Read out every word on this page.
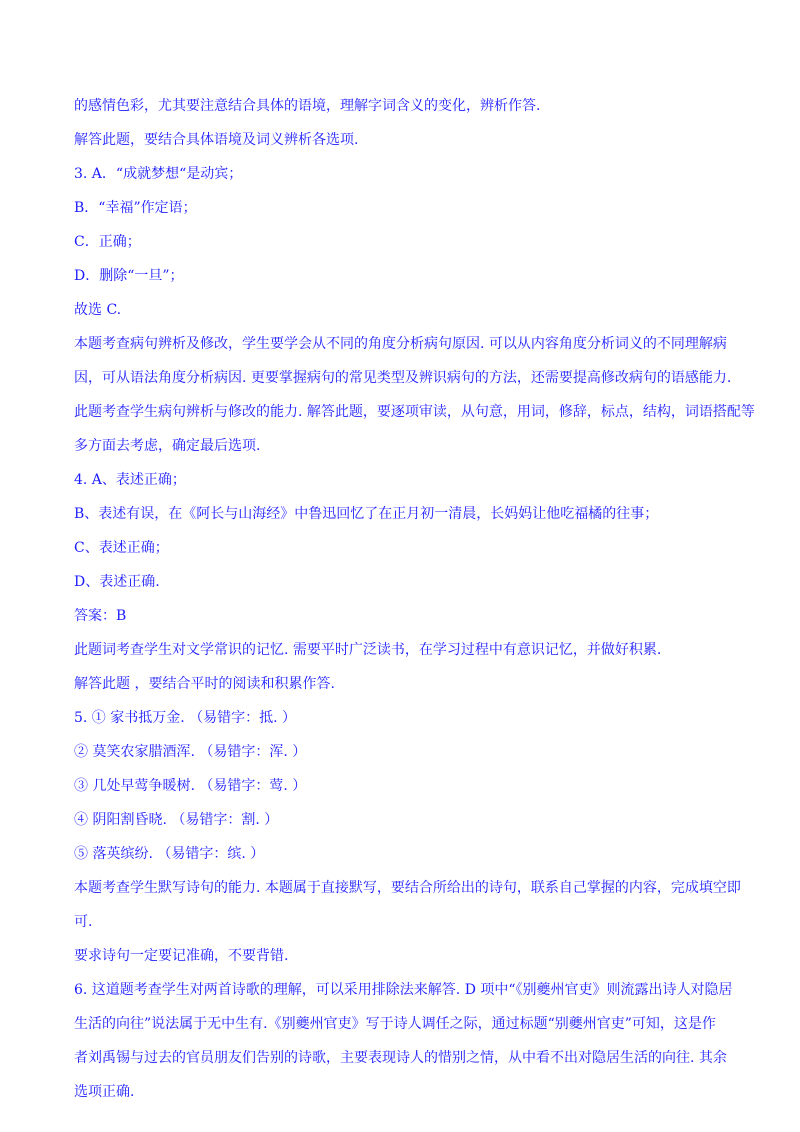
的感情色彩，尤其要注意结合具体的语境，理解字词含义的变化，辨析作答.

解答此题，要结合具体语境及词义辨析各选项.

3. A．“成就梦想“是动宾；

B．“幸福”作定语；

C．正确；

D．删除“一旦”；

故选 C.

本题考查病句辨析及修改，学生要学会从不同的角度分析病句原因. 可以从内容角度分析词义的不同理解病

因，可从语法角度分析病因. 更要掌握病句的常见类型及辨识病句的方法，还需要提高修改病句的语感能力.

此题考查学生病句辨析与修改的能力. 解答此题，要逐项审读，从句意，用词，修辞，标点，结构，词语搭配等

多方面去考虑，确定最后选项.

4. A、表述正确；

B、表述有误，在《阿长与山海经》中鲁迅回忆了在正月初一清晨，长妈妈让他吃福橘的往事；

C、表述正确；

D、表述正确.

答案：B

此题词考查学生对文学常识的记忆. 需要平时广泛读书，在学习过程中有意识记忆，并做好积累.

解答此题 ，要结合平时的阅读和积累作答.

5. ① 家书抵万金. （易错字：抵. ）

② 莫笑农家腊酒浑. （易错字：浑. ）

③ 几处早莺争暖树. （易错字：莺. ）

④ 阴阳割昏晓. （易错字：割. ）

⑤ 落英缤纷. （易错字：缤. ）

本题考查学生默写诗句的能力. 本题属于直接默写，要结合所给出的诗句，联系自己掌握的内容，完成填空即

可.

要求诗句一定要记准确，不要背错.

6. 这道题考查学生对两首诗歌的理解，可以采用排除法来解答. D 项中“《别夔州官吏》则流露出诗人对隐居

生活的向往”说法属于无中生有.《别夔州官吏》写于诗人调任之际，通过标题“别夔州官吏”可知，这是作

者刘禹锡与过去的官员朋友们告别的诗歌，主要表现诗人的惜别之情，从中看不出对隐居生活的向往. 其余

选项正确.
